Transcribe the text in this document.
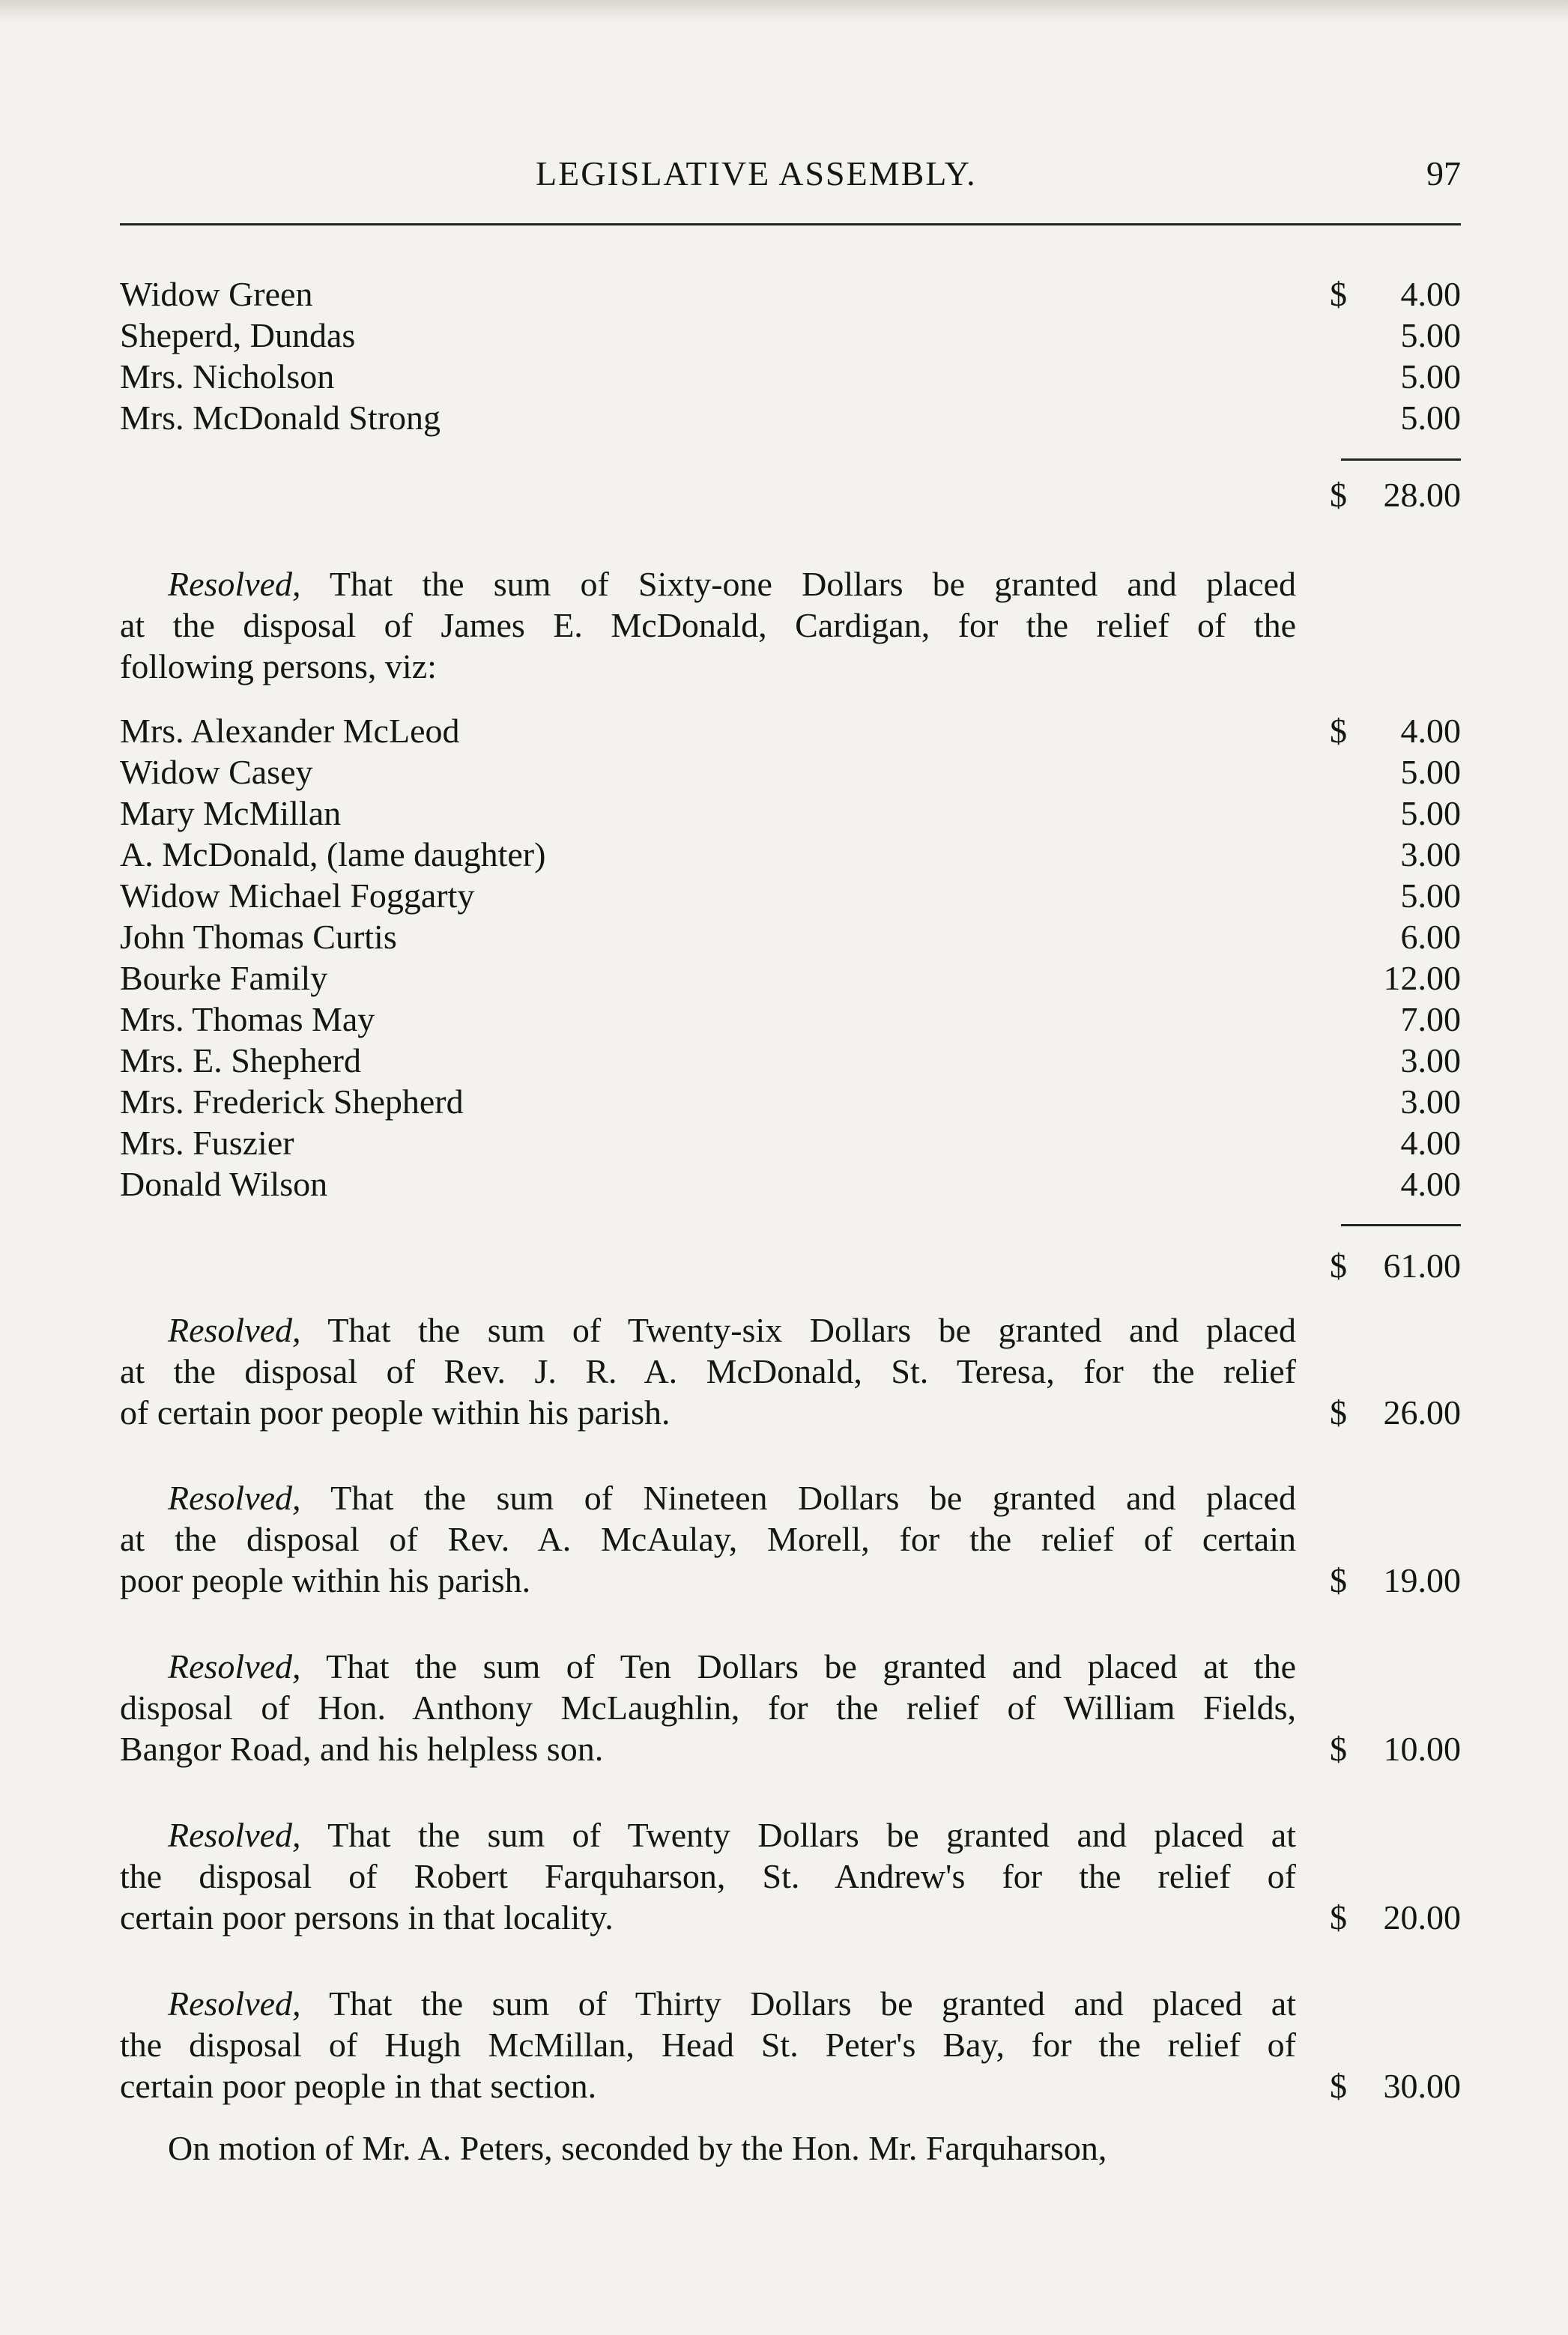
LEGISLATIVE ASSEMBLY.	97
Widow Green	$ 4.00
Sheperd, Dundas	5.00
Mrs. Nicholson	5.00
Mrs. McDonald Strong	5.00
$ 28.00
Resolved, That the sum of Sixty-one Dollars be granted and placed
at the disposal of James E. McDonald, Cardigan, for the relief of the
following persons, viz:
Mrs. Alexander McLeod	$ 4.00
Widow Casey	5.00
Mary McMillan	5.00
A. McDonald, (lame daughter)	3.00
Widow Michael Foggarty	5.00
John Thomas Curtis	6.00
Bourke Family	12.00
Mrs. Thomas May	7.00
Mrs. E. Shepherd	3.00
Mrs. Frederick Shepherd	3.00
Mrs. Fuszier	4.00
Donald Wilson	4.00
$ 61.00
Resolved, That the sum of Twenty-six Dollars be granted and placed
at the disposal of Rev. J. R. A. McDonald, St. Teresa, for the relief
of certain poor people within his parish.	$ 26.00
Resolved, That the sum of Nineteen Dollars be granted and placed
at the disposal of Rev. A. McAulay, Morell, for the relief of certain
poor people within his parish.	$ 19.00
Resolved, That the sum of Ten Dollars be granted and placed at the
disposal of Hon. Anthony McLaughlin, for the relief of William Fields,
Bangor Road, and his helpless son.	$ 10.00
Resolved, That the sum of Twenty Dollars be granted and placed at
the disposal of Robert Farquharson, St. Andrew's for the relief of
certain poor persons in that locality.	$ 20.00
Resolved, That the sum of Thirty Dollars be granted and placed at
the disposal of Hugh McMillan, Head St. Peter's Bay, for the relief of
certain poor people in that section.	$ 30.00
On motion of Mr. A. Peters, seconded by the Hon. Mr. Farquharson,
